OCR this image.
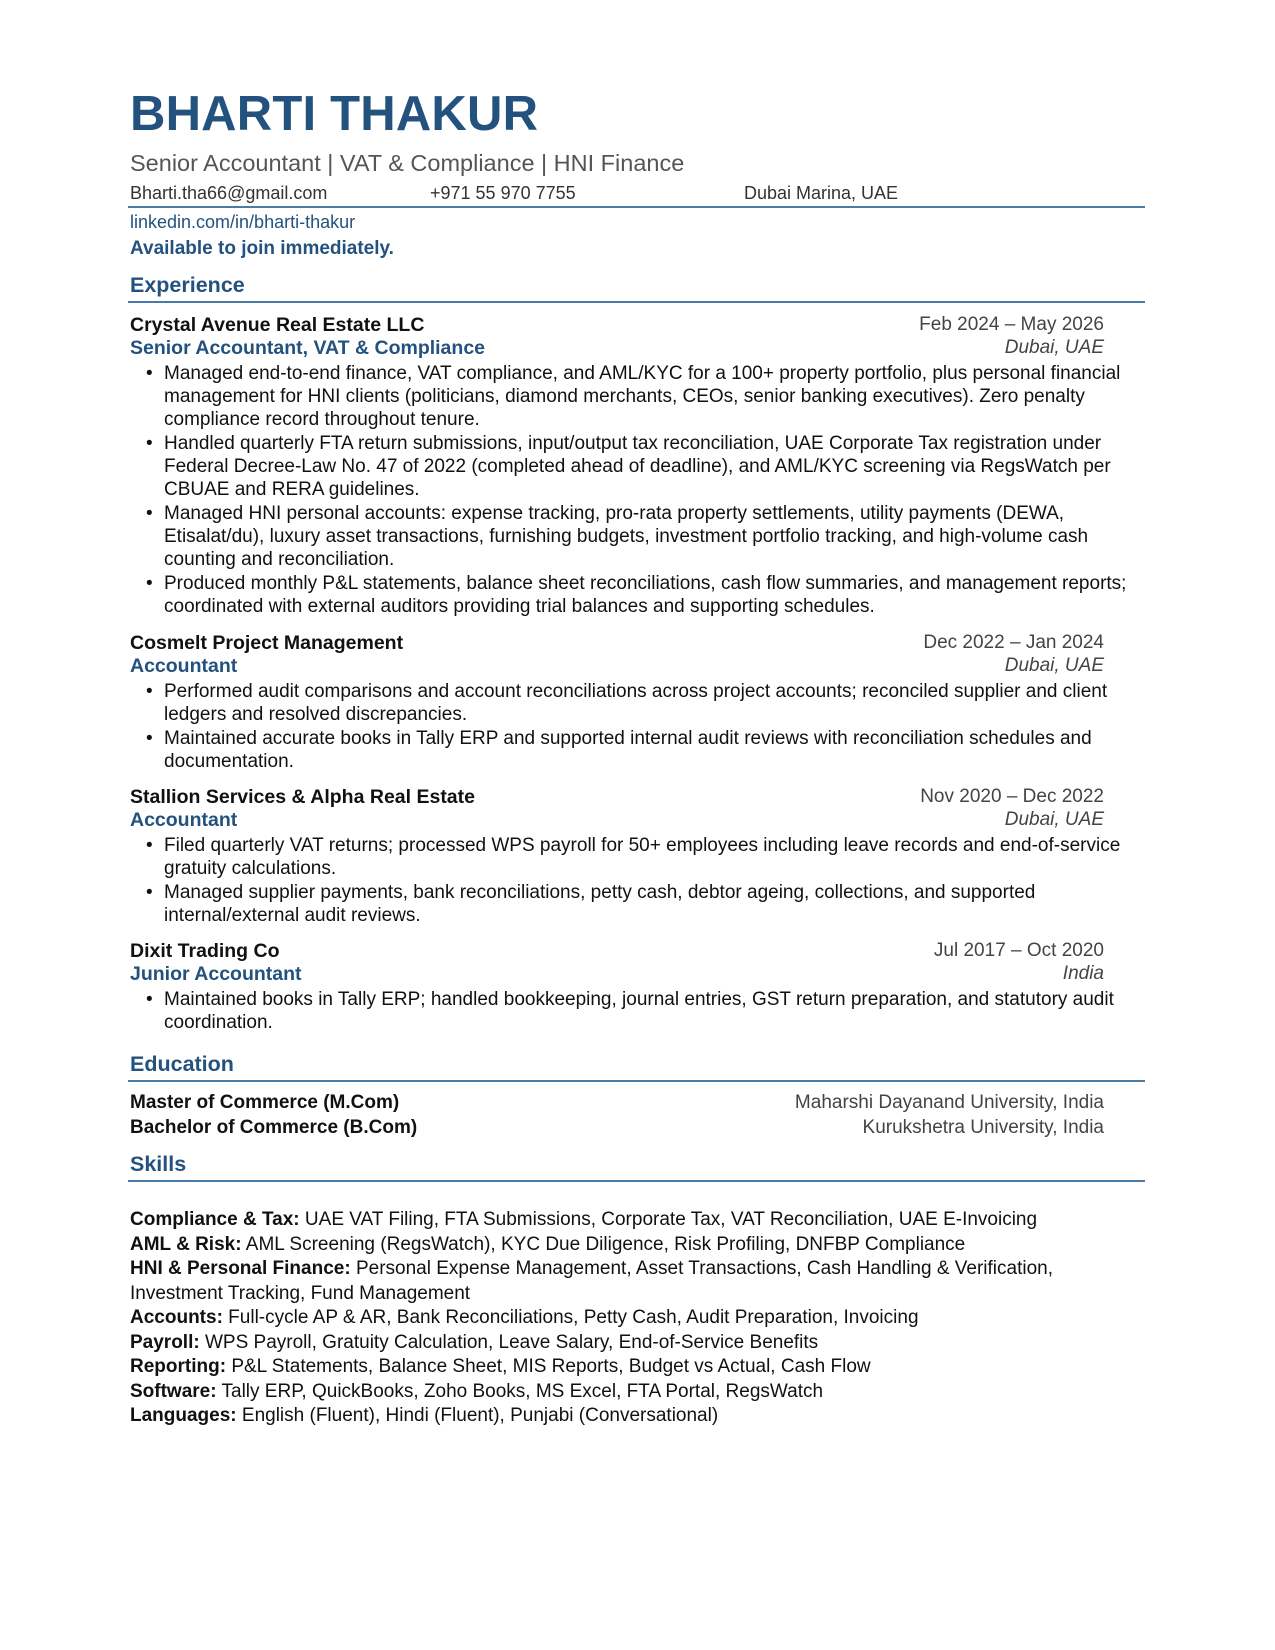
BHARTI THAKUR
Senior Accountant | VAT & Compliance | HNI Finance
Bharti.tha66@gmail.com	+971 55 970 7755	Dubai Marina, UAE
linkedin.com/in/bharti-thakur
Available to join immediately.
Experience
Crystal Avenue Real Estate LLC	Feb 2024 – May 2026
Senior Accountant, VAT & Compliance	Dubai, UAE
• Managed end-to-end finance, VAT compliance, and AML/KYC for a 100+ property portfolio, plus personal financial management for HNI clients (politicians, diamond merchants, CEOs, senior banking executives). Zero penalty compliance record throughout tenure.
• Handled quarterly FTA return submissions, input/output tax reconciliation, UAE Corporate Tax registration under Federal Decree-Law No. 47 of 2022 (completed ahead of deadline), and AML/KYC screening via RegsWatch per CBUAE and RERA guidelines.
• Managed HNI personal accounts: expense tracking, pro-rata property settlements, utility payments (DEWA, Etisalat/du), luxury asset transactions, furnishing budgets, investment portfolio tracking, and high-volume cash counting and reconciliation.
• Produced monthly P&L statements, balance sheet reconciliations, cash flow summaries, and management reports; coordinated with external auditors providing trial balances and supporting schedules.
Cosmelt Project Management	Dec 2022 – Jan 2024
Accountant	Dubai, UAE
• Performed audit comparisons and account reconciliations across project accounts; reconciled supplier and client ledgers and resolved discrepancies.
• Maintained accurate books in Tally ERP and supported internal audit reviews with reconciliation schedules and documentation.
Stallion Services & Alpha Real Estate	Nov 2020 – Dec 2022
Accountant	Dubai, UAE
• Filed quarterly VAT returns; processed WPS payroll for 50+ employees including leave records and end-of-service gratuity calculations.
• Managed supplier payments, bank reconciliations, petty cash, debtor ageing, collections, and supported internal/external audit reviews.
Dixit Trading Co	Jul 2017 – Oct 2020
Junior Accountant	India
• Maintained books in Tally ERP; handled bookkeeping, journal entries, GST return preparation, and statutory audit coordination.
Education
Master of Commerce (M.Com)	Maharshi Dayanand University, India
Bachelor of Commerce (B.Com)	Kurukshetra University, India
Skills
Compliance & Tax: UAE VAT Filing, FTA Submissions, Corporate Tax, VAT Reconciliation, UAE E-Invoicing
AML & Risk: AML Screening (RegsWatch), KYC Due Diligence, Risk Profiling, DNFBP Compliance
HNI & Personal Finance: Personal Expense Management, Asset Transactions, Cash Handling & Verification, Investment Tracking, Fund Management
Accounts: Full-cycle AP & AR, Bank Reconciliations, Petty Cash, Audit Preparation, Invoicing
Payroll: WPS Payroll, Gratuity Calculation, Leave Salary, End-of-Service Benefits
Reporting: P&L Statements, Balance Sheet, MIS Reports, Budget vs Actual, Cash Flow
Software: Tally ERP, QuickBooks, Zoho Books, MS Excel, FTA Portal, RegsWatch
Languages: English (Fluent), Hindi (Fluent), Punjabi (Conversational)
